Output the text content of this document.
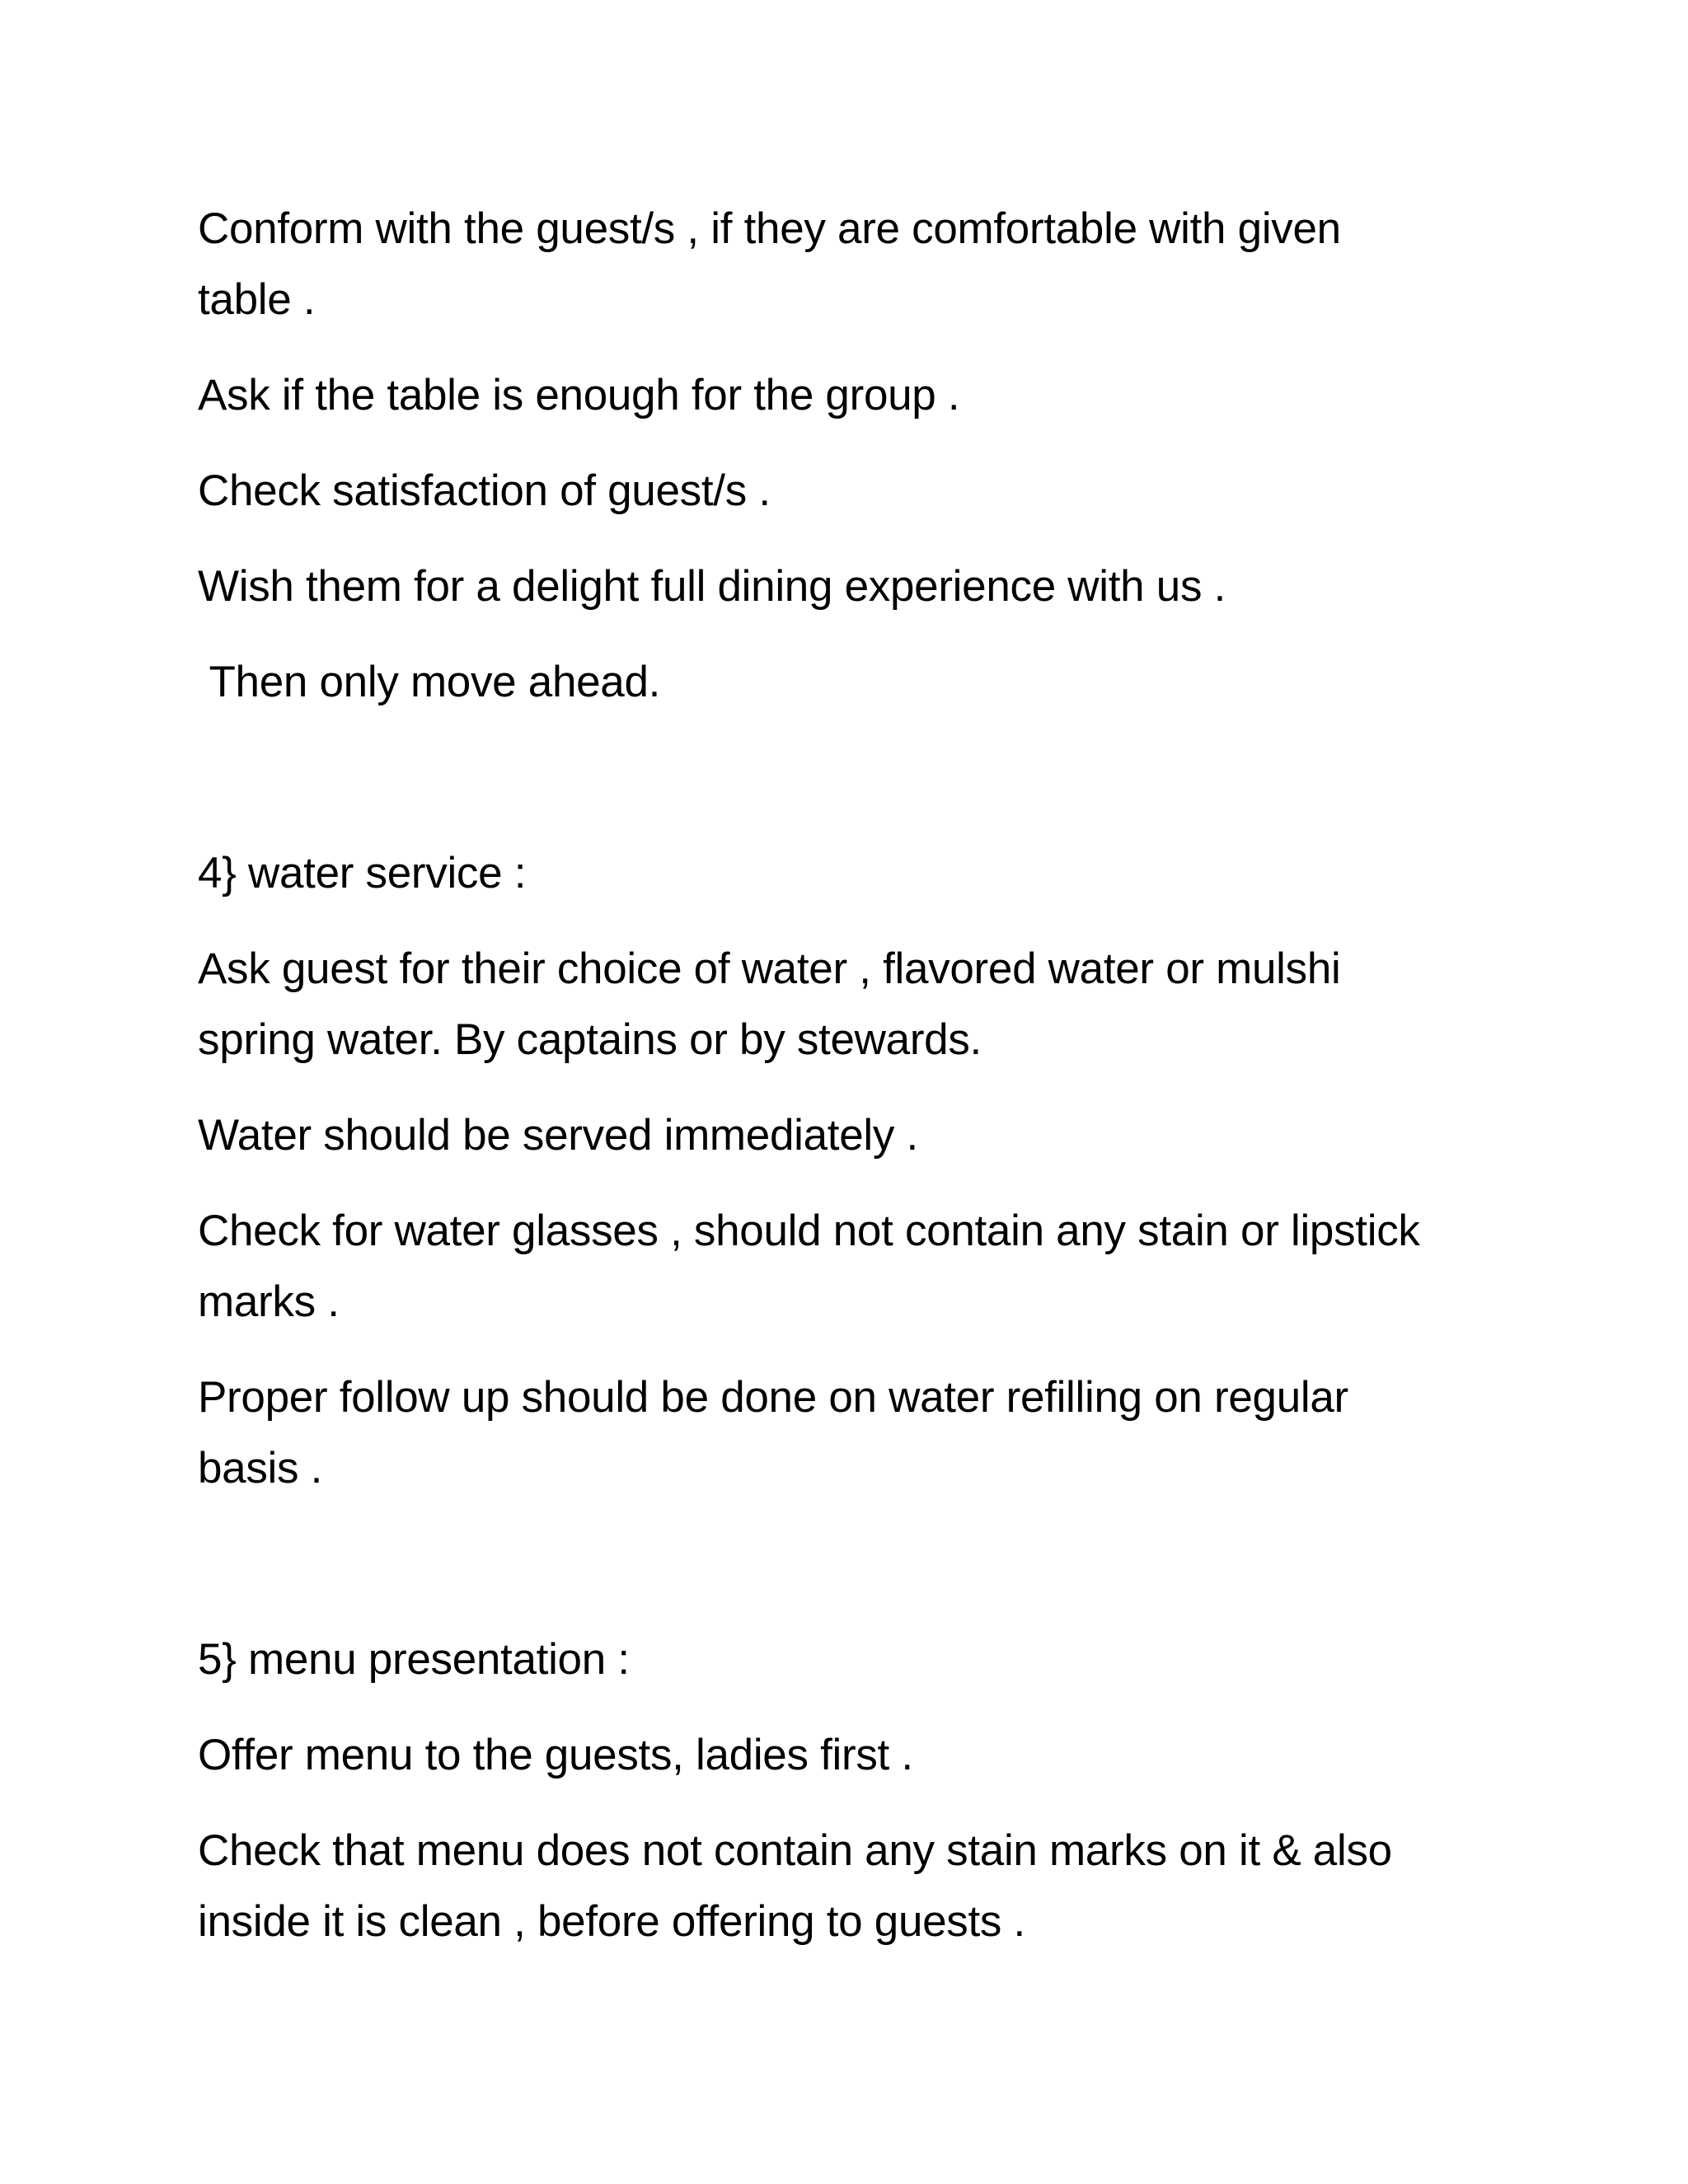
Conform with the guest/s , if they are comfortable with given
table .
Ask if the table is enough for the group .
Check satisfaction of guest/s .
Wish them for a delight full dining experience with us .
Then only move ahead.
4} water service :
Ask guest for their choice of water , flavored water or mulshi
spring water. By captains or by stewards.
Water should be served immediately .
Check for water glasses , should not contain any stain or lipstick
marks .
Proper follow up should be done on water refilling on regular
basis .
5} menu presentation :
Offer menu to the guests, ladies first .
Check that menu does not contain any stain marks on it & also
inside it is clean , before offering to guests .
